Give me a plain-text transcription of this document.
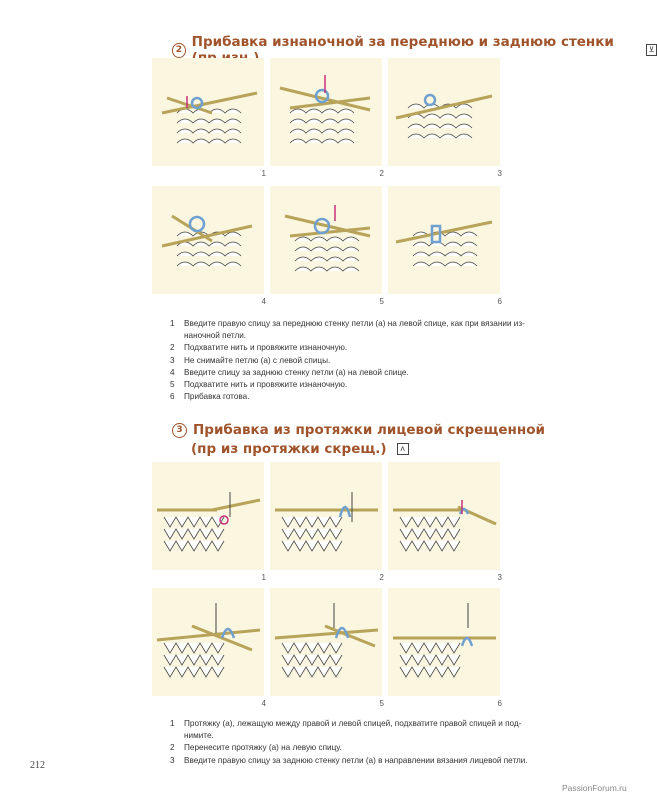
2 Прибавка изнаночной за переднюю и заднюю стенки	⊻
1	2	3
4	5	6
1	Введите правую спицу за переднюю стенку петли (а) на левой спице, как при вязании из-
наночной петли.
2	Подхватите нить и провяжите изнаночную.
3	Не снимайте петлю (а) с левой спицы.
4	Введите спицу за заднюю стенку петли (а) на левой спице.
5	Подхватите нить и провяжите изнаночную.
6	Прибавка готова.
3 Прибавка из протяжки лицевой скрещенной
(пр из протяжки скрещ.)	ᴧ
1	2	3
4	5	6
1	Протяжку (а), лежащую между правой и левой спицей, подхватите правой спицей и под-
нимите.
2	Перенесите протяжку (а) на левую спицу.
3	Введите правую спицу за заднюю стенку петли (а) в направлении вязания лицевой петли.
212
PassionForum.ru
